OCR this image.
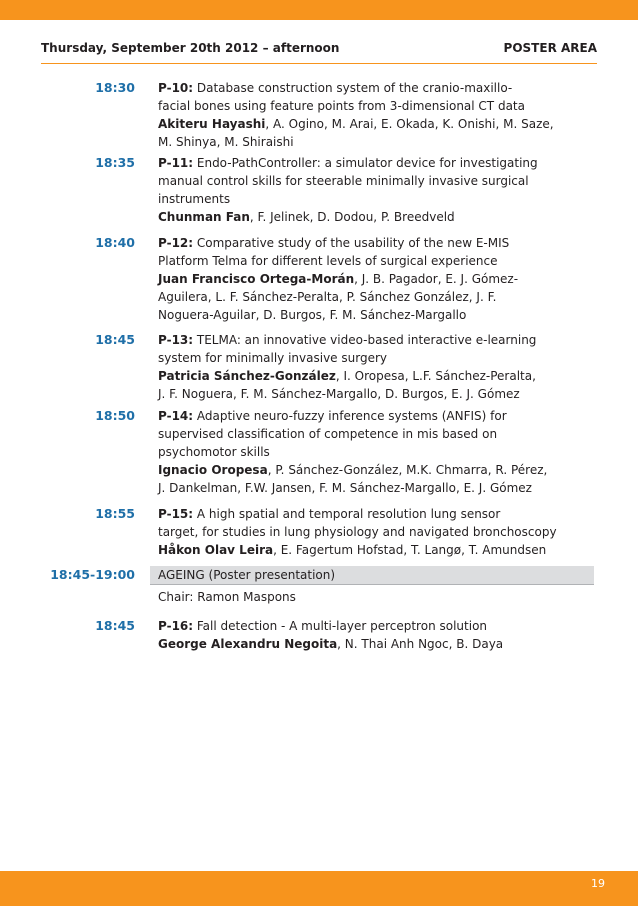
Thursday, September 20th 2012 – afternoon	POSTER AREA
18:30 P-10: Database construction system of the cranio-maxillo-
facial bones using feature points from 3-dimensional CT data
Akiteru Hayashi, A. Ogino, M. Arai, E. Okada, K. Onishi, M. Saze,
M. Shinya, M. Shiraishi
18:35 P-11: Endo-PathController: a simulator device for investigating
manual control skills for steerable minimally invasive surgical
instruments
Chunman Fan, F. Jelinek, D. Dodou, P. Breedveld
18:40 P-12: Comparative study of the usability of the new E-MIS
Platform Telma for different levels of surgical experience
Juan Francisco Ortega-Morán, J. B. Pagador, E. J. Gómez-
Aguilera, L. F. Sánchez-Peralta, P. Sánchez González, J. F.
Noguera-Aguilar, D. Burgos, F. M. Sánchez-Margallo
18:45 P-13: TELMA: an innovative video-based interactive e-learning
system for minimally invasive surgery
Patricia Sánchez-González, I. Oropesa, L.F. Sánchez-Peralta,
J. F. Noguera, F. M. Sánchez-Margallo, D. Burgos, E. J. Gómez
18:50 P-14: Adaptive neuro-fuzzy inference systems (ANFIS) for
supervised classification of competence in mis based on
psychomotor skills
Ignacio Oropesa, P. Sánchez-González, M.K. Chmarra, R. Pérez,
J. Dankelman, F.W. Jansen, F. M. Sánchez-Margallo, E. J. Gómez
18:55 P-15: A high spatial and temporal resolution lung sensor
target, for studies in lung physiology and navigated bronchoscopy
Håkon Olav Leira, E. Fagertum Hofstad, T. Langø, T. Amundsen
18:45-19:00 AGEING (Poster presentation)
Chair: Ramon Maspons
18:45 P-16: Fall detection - A multi-layer perceptron solution
George Alexandru Negoita, N. Thai Anh Ngoc, B. Daya
19
